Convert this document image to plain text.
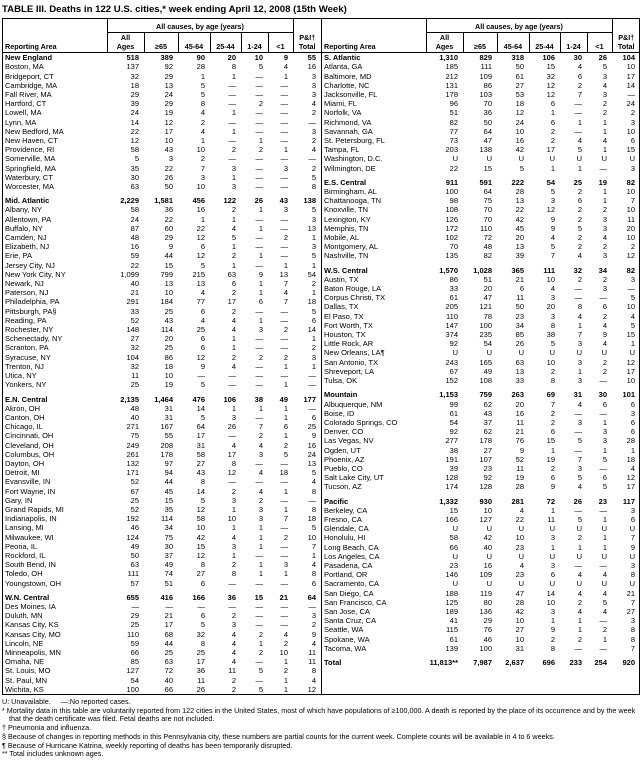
TABLE III. Deaths in 122 U.S. cities,* week ending April 12, 2008 (15th Week)
	All causes, by age (years)						
Reporting Area	All
Ages	≥65	45-64	25-44	1-24	<1	P&I†
Total
New England	518	389	90	20	10	9	55
Boston, MA	137	92	28	8	5	4	16
Bridgeport, CT	32	29	1	1	—	1	3
Cambridge, MA	18	13	5	—	—	—	3
Fall River, MA	29	24	5	—	—	—	3
Hartford, CT	39	29	8	—	2	—	4
Lowell, MA	24	19	4	1	—	—	2
Lynn, MA	14	12	2	—	—	—	—
New Bedford, MA	22	17	4	1	—	—	3
New Haven, CT	12	10	1	—	1	—	2
Providence, RI	58	43	10	2	2	1	4
Somerville, MA	5	3	2	—	—	—	—
Springfield, MA	35	22	7	3	—	3	2
Waterbury, CT	30	26	3	1	—	—	5
Worcester, MA	63	50	10	3	—	—	8

Mid. Atlantic	2,229	1,581	456	122	26	43	138
Albany, NY	58	36	16	2	1	3	5
Allentown, PA	24	22	1	1	—	—	3
Buffalo, NY	87	60	22	4	1	—	13
Camden, NJ	48	29	12	5	—	2	1
Elizabeth, NJ	16	9	6	1	—	—	3
Erie, PA	59	44	12	2	1	—	5
Jersey City, NJ	22	15	5	1	—	1	1
New York City, NY	1,099	799	215	63	9	13	54
Newark, NJ	40	13	13	6	1	7	2
Paterson, NJ	21	10	4	2	1	4	1
Philadelphia, PA	291	184	77	17	6	7	18
Pittsburgh, PA§	33	25	6	2	—	—	5
Reading, PA	52	43	4	4	1	—	6
Rochester, NY	148	114	25	4	3	2	14
Schenectady, NY	27	20	6	1	—	—	1
Scranton, PA	32	25	6	1	—	—	2
Syracuse, NY	104	86	12	2	2	2	3
Trenton, NJ	32	18	9	4	—	1	1
Utica, NY	11	10	—	—	—	—	—
Yonkers, NY	25	19	5	—	—	1	—

E.N. Central	2,135	1,464	476	106	38	49	177
Akron, OH	48	31	14	1	1	1	—
Canton, OH	40	31	5	3	—	1	6
Chicago, IL	271	167	64	26	7	6	25
Cincinnati, OH	75	55	17	—	2	1	9
Cleveland, OH	249	208	31	4	4	2	16
Columbus, OH	261	178	58	17	3	5	24
Dayton, OH	132	97	27	8	—	—	13
Detroit, MI	171	94	43	12	4	18	5
Evansville, IN	52	44	8	—	—	—	4
Fort Wayne, IN	67	45	14	2	4	1	8
Gary, IN	25	15	5	3	2	—	—
Grand Rapids, MI	52	35	12	1	3	1	8
Indianapolis, IN	192	114	58	10	3	7	18
Lansing, MI	46	34	10	1	1	—	5
Milwaukee, WI	124	75	42	4	1	2	10
Peoria, IL	49	30	15	3	1	—	7
Rockford, IL	50	37	12	1	—	—	1
South Bend, IN	63	49	8	2	1	3	4
Toledo, OH	111	74	27	8	1	1	8
Youngstown, OH	57	51	6	—	—	—	6

W.N. Central	655	416	166	36	15	21	64
Des Moines, IA	—	—	—	—	—	—	—
Duluth, MN	29	21	6	2	—	—	3
Kansas City, KS	25	17	5	3	—	—	2
Kansas City, MO	110	68	32	4	2	4	9
Lincoln, NE	59	44	8	4	1	2	4
Minneapolis, MN	66	25	25	4	2	10	11
Omaha, NE	85	63	17	4	—	1	11
St. Louis, MO	127	72	36	11	5	2	8
St. Paul, MN	54	40	11	2	—	1	4
Wichita, KS	100	66	26	2	5	1	12
	All causes, by age (years)						
Reporting Area	All
Ages	≥65	45-64	25-44	1-24	<1	P&I†
Total
S. Atlantic	1,310	829	318	106	30	26	104
Atlanta, GA	185	111	50	15	4	5	10
Baltimore, MD	212	109	61	32	6	3	17
Charlotte, NC	131	86	27	12	2	4	14
Jacksonville, FL	178	103	53	12	7	3	—
Miami, FL	96	70	18	6	—	2	24
Norfolk, VA	51	36	12	1	—	2	2
Richmond, VA	82	50	24	6	1	1	3
Savannah, GA	77	64	10	2	—	1	10
St. Petersburg, FL	73	47	16	2	4	4	6
Tampa, FL	203	138	42	17	5	1	15
Washington, D.C.	U	U	U	U	U	U	U
Wilmington, DE	22	15	5	1	1	—	3

E.S. Central	911	591	222	54	25	19	82
Birmingham, AL	100	64	28	5	2	1	10
Chattanooga, TN	98	75	13	3	6	1	7
Knoxville, TN	108	70	22	12	2	2	10
Lexington, KY	126	70	42	9	2	3	11
Memphis, TN	172	110	45	9	5	3	20
Mobile, AL	102	72	20	4	2	4	10
Montgomery, AL	70	48	13	5	2	2	2
Nashville, TN	135	82	39	7	4	3	12

W.S. Central	1,570	1,028	365	111	32	34	82
Austin, TX	86	51	21	10	2	2	3
Baton Rouge, LA	33	20	6	4	—	3	—
Corpus Christi, TX	61	47	11	3	—	—	5
Dallas, TX	205	121	50	20	8	6	10
El Paso, TX	110	78	23	3	4	2	4
Fort Worth, TX	147	100	34	8	1	4	5
Houston, TX	374	235	85	38	7	9	15
Little Rock, AR	92	54	26	5	3	4	1
New Orleans, LA¶	U	U	U	U	U	U	U
San Antonio, TX	243	165	63	10	3	2	12
Shreveport, LA	67	49	13	2	1	2	17
Tulsa, OK	152	108	33	8	3	—	10

Mountain	1,153	759	263	69	31	30	101
Albuquerque, NM	99	62	20	7	4	6	6
Boise, ID	61	43	16	2	—	—	3
Colorado Springs, CO	54	37	11	2	3	1	6
Denver, CO	92	62	21	6	—	3	6
Las Vegas, NV	277	178	76	15	5	3	28
Ogden, UT	38	27	9	1	—	1	1
Phoenix, AZ	191	107	52	19	7	5	18
Pueblo, CO	39	23	11	2	3	—	4
Salt Lake City, UT	128	92	19	6	5	6	12
Tucson, AZ	174	128	28	9	4	5	17

Pacific	1,332	930	281	72	26	23	117
Berkeley, CA	15	10	4	1	—	—	3
Fresno, CA	166	127	22	11	5	1	6
Glendale, CA	U	U	U	U	U	U	U
Honolulu, HI	58	42	10	3	2	1	7
Long Beach, CA	66	40	23	1	1	1	9
Los Angeles, CA	U	U	U	U	U	U	U
Pasadena, CA	23	16	4	3	—	—	3
Portland, OR	146	109	23	6	4	4	8
Sacramento, CA	U	U	U	U	U	U	U
San Diego, CA	188	119	47	14	4	4	21
San Francisco, CA	125	80	28	10	2	5	7
San Jose, CA	189	136	42	3	4	4	27
Santa Cruz, CA	41	29	10	1	1	—	3
Seattle, WA	115	76	27	9	1	2	8
Spokane, WA	61	46	10	2	2	1	8
Tacoma, WA	139	100	31	8	—	—	7

Total	11,813**	7,987	2,637	696	233	254	920
U: Unavailable.     —:No reported cases.
* Mortality data in this table are voluntarily reported from 122 cities in the United States, most of which have populations of ≥100,000. A death is reported by the place of its occurrence and by the week that the death certificate was filed. Fetal deaths are not included.
† Pneumonia and influenza.
§ Because of changes in reporting methods in this Pennsylvania city, these numbers are partial counts for the current week. Complete counts will be available in 4 to 6 weeks.
¶ Because of Hurricane Katrina, weekly reporting of deaths has been temporarily disrupted.
** Total includes unknown ages.
